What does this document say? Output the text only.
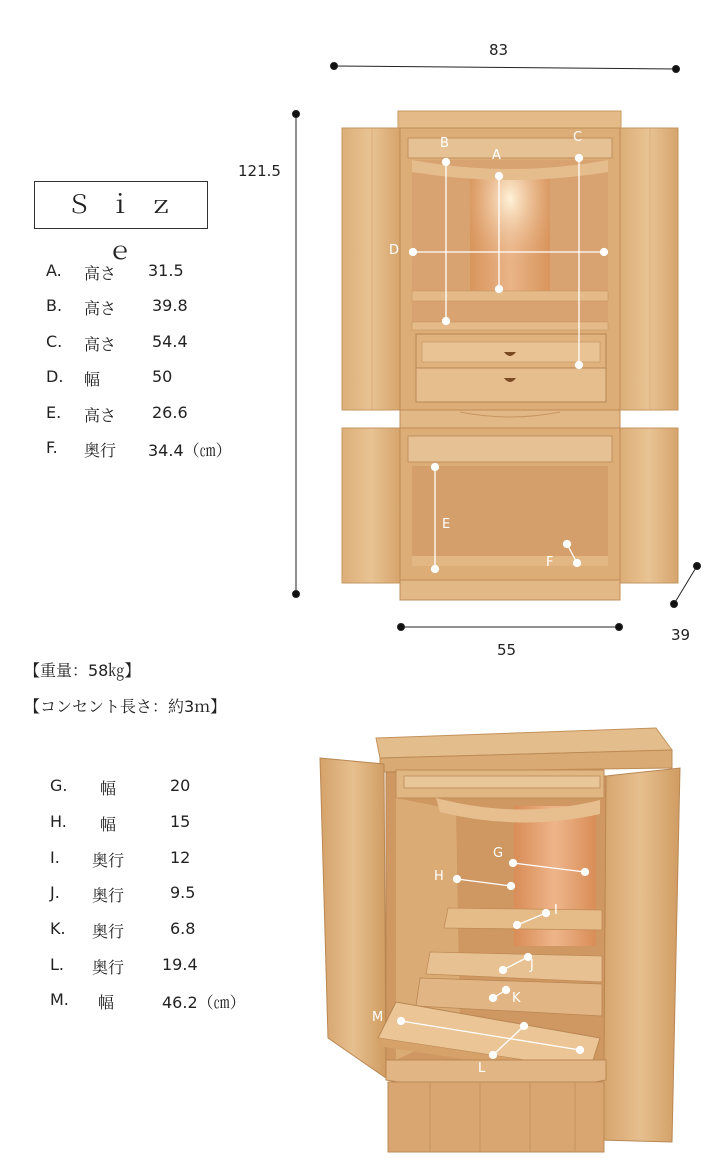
83
121.5
55
39
A
B	C
D
E
F
Ｓｉｚｅ
A. 高さ 31.5
B. 高さ 39.8
C. 高さ 54.4
D. 幅	50
E. 高さ 26.6
F. 奥行 34.4（㎝）
【重量：58㎏】
【コンセント長さ：約3ｍ】
G. 幅	20
H. 幅	15
I. 奥行	12
J. 奥行	9.5
K. 奥行	6.8
L. 奥行 19.4
M. 幅	46.2（㎝）
G
H
I
J
K
L
M
